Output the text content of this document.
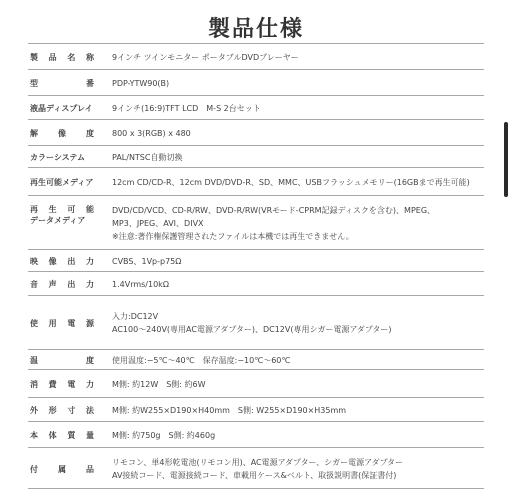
製品仕様
製品名称 9インチ ツインモニター ポータブルDVDプレーヤー
型番 PDP-YTW90(B)
液晶ディスプレイ 9インチ(16:9)TFT LCD　M-S 2台セット
解像度 800 x 3(RGB) x 480
カラーシステム	PAL/NTSC自動切換
再生可能メディア 12cm CD/CD-R、12cm DVD/DVD-R、SD、MMC、USBフラッシュメモリー(16GBまで再生可能)
再生可能
データメディア
DVD/CD/VCD、CD-R/RW、DVD-R/RW(VRモード-CPRM記録ディスクを含む)、MPEG、
MP3、JPEG、AVI、DIVX
※注意:著作権保護管理されたファイルは本機では再生できません。
映像出力 CVBS、1Vp-p75Ω
音声出力 1.4Vrms/10kΩ
使用電源
入力:DC12V
AC100〜240V(専用AC電源アダプター)、DC12V(専用シガー電源アダプター)
温度 使用温度:−5℃〜40℃　保存温度:−10℃〜60℃
消費電力 M側: 約12W　S側: 約6W
外形寸法 M側: 約W255×D190×H40mm　S側: W255×D190×H35mm
本体質量 M側: 約750g　S側: 約460g
付属品
リモコン、単4形乾電池(リモコン用)、AC電源アダプター、シガー電源アダプター
AV接続コード、電源接続コード、車載用ケース&ベルト、取扱説明書(保証書付)
